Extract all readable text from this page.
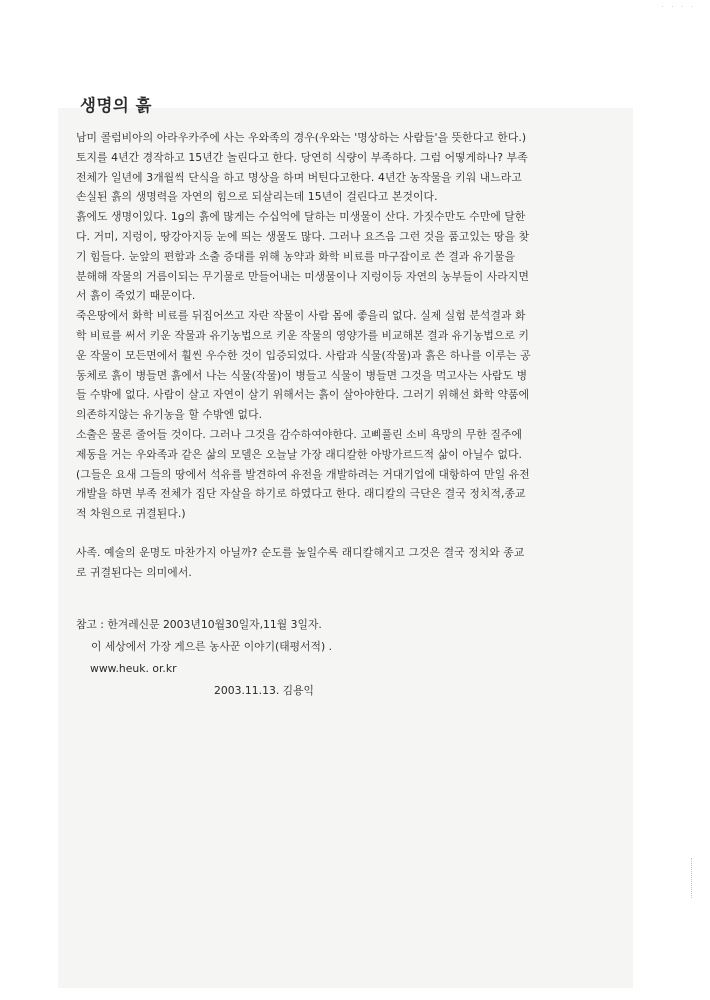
· · · ·
생명의 흙

남미 콜럼비아의 아라우카주에 사는 우와족의 경우(우와는 '명상하는 사람들'을 뜻한다고 한다.)
토지를 4년간 경작하고 15년간 놀린다고 한다. 당연히 식량이 부족하다. 그럼 어떻게하나? 부족
전체가 일년에 3개월씩 단식을 하고 명상을 하며 버틴다고한다. 4년간 농작물을 키워 내느라고
손실된 흙의 생명력을 자연의 힘으로 되살리는데 15년이 걸린다고 본것이다.

흙에도 생명이있다. 1g의 흙에 많게는 수십억에 달하는 미생물이 산다. 가짓수만도 수만에 달한
다. 거미, 지렁이, 땅강아지등 눈에 띄는 생물도 많다. 그러나 요즈음 그런 것을 품고있는 땅을 찾
기 힘들다. 눈앞의 편함과 소출 증대를 위해 농약과 화학 비료를 마구잡이로 쓴 결과 유기물을
분해해 작물의 거름이되는 무기물로 만들어내는 미생물이나 지렁이등 자연의 농부들이 사라지면
서 흙이 죽었기 때문이다.

죽은땅에서 화학 비료를 뒤집어쓰고 자란 작물이 사람 몸에 좋을리 없다. 실제 실험 분석결과 화
학 비료를 써서 키운 작물과 유기농법으로 키운 작물의 영양가를 비교해본 결과 유기농법으로 키
운 작물이 모든면에서 훨씬 우수한 것이 입증되었다. 사람과 식물(작물)과 흙은 하나를 이루는 공
동체로 흙이 병들면 흙에서 나는 식물(작물)이 병들고 식물이 병들면 그것을 먹고사는 사람도 병
들 수밖에 없다. 사람이 살고 자연이 살기 위해서는 흙이 살아야한다. 그러기 위해선 화학 약품에
의존하지않는 유기농을 할 수밖엔 없다.

소출은 물론 줄어들 것이다. 그러나 그것을 감수하여야한다. 고삐풀린 소비 욕망의 무한 질주에
제동을 거는 우와족과 같은 삶의 모델은 오늘날 가장 래디칼한 아방가르드적 삶이 아닐수 없다.
(그들은 요새 그들의 땅에서 석유를 발견하여 유전을 개발하려는 거대기업에 대항하여 만일 유전
개발을 하면 부족 전체가 집단 자살을 하기로 하였다고 한다. 래디칼의 극단은 결국 정치적,종교
적 차원으로 귀결된다.)

사족. 예술의 운명도 마찬가지 아닐까? 순도를 높일수록 래디칼해지고 그것은 결국 정치와 종교
로 귀결된다는 의미에서.

참고 : 한겨레신문 2003년10월30일자,11월 3일자.
이 세상에서 가장 게으른 농사꾼 이야기(태평서적) .
www.heuk. or.kr
2003.11.13. 김용익
